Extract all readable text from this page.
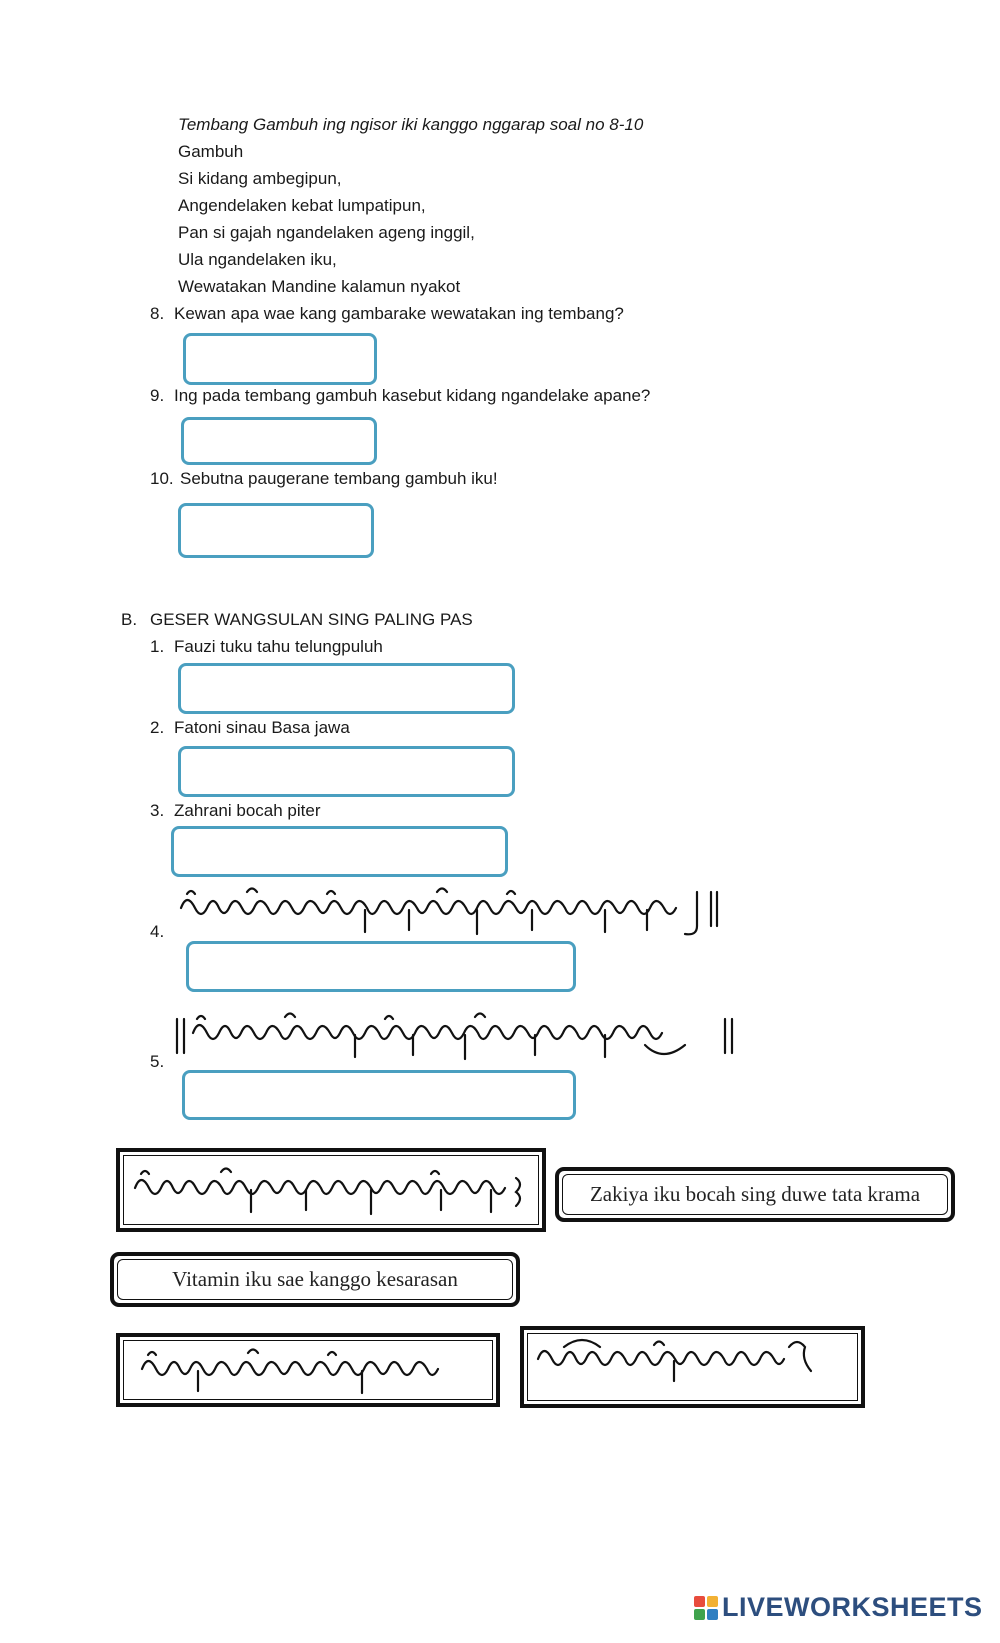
Tembang Gambuh ing ngisor iki kanggo nggarap soal no 8-10
Gambuh
Si kidang ambegipun,
Angendelaken kebat lumpatipun,
Pan si gajah ngandelaken ageng inggil,
Ula ngandelaken iku,
Wewatakan Mandine kalamun nyakot
8. Kewan apa wae kang gambarake wewatakan ing tembang?
9. Ing pada tembang gambuh kasebut kidang ngandelake apane?
10. Sebutna paugerane tembang gambuh iku!
B. GESER WANGSULAN SING PALING PAS
1. Fauzi tuku tahu telungpuluh
2. Fatoni sinau Basa jawa
3. Zahrani bocah piter
4.
5.
Zakiya iku bocah sing duwe tata krama
Vitamin iku sae kanggo kesarasan
LIVEWORKSHEETS
